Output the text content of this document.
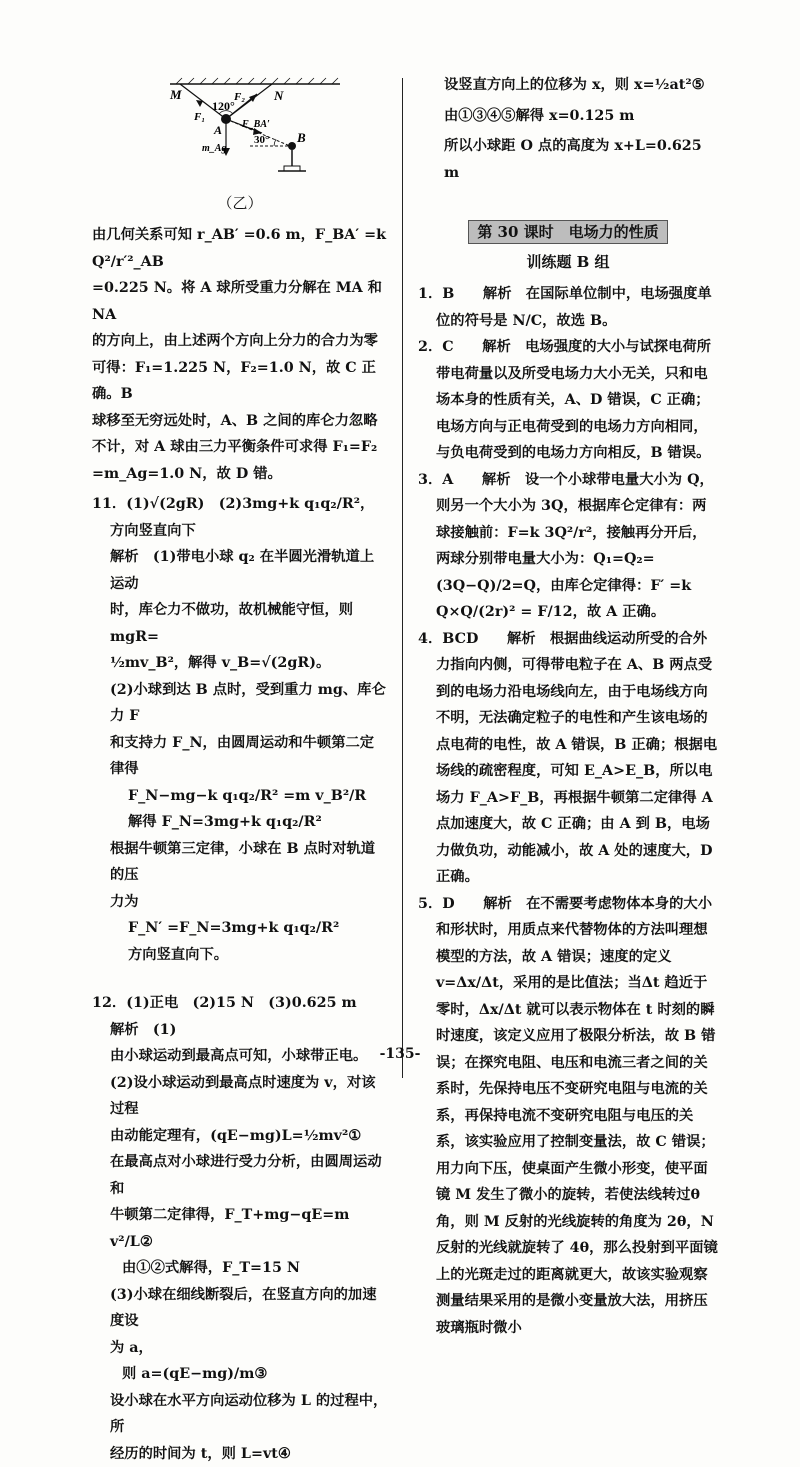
M	N
120°
F₂
F₁
A F_BA′
m_Ag
30° B
（乙）

由几何关系可知 r_AB′ =0.6 m，F_BA′ =k Q²/r′²_AB

=0.225 N。将 A 球所受重力分解在 MA 和 NA

的方向上，由上述两个方向上分力的合力为零

可得：F₁=1.225 N，F₂=1.0 N，故 C 正确。B

球移至无穷远处时，A、B 之间的库仑力忽略

不计，对 A 球由三力平衡条件可求得 F₁=F₂

=m_Ag=1.0 N，故 D 错。

11．(1)√(2gR)　(2)3mg+k q₁q₂/R²，方向竖直向下

解析　(1)带电小球 q₂ 在半圆光滑轨道上运动

时，库仑力不做功，故机械能守恒，则 mgR=

½mv_B²，解得 v_B=√(2gR)。

(2)小球到达 B 点时，受到重力 mg、库仑力 F

和支持力 F_N，由圆周运动和牛顿第二定律得

F_N−mg−k q₁q₂/R² =m v_B²/R

解得 F_N=3mg+k q₁q₂/R²

根据牛顿第三定律，小球在 B 点时对轨道的压

力为

F_N′ =F_N=3mg+k q₁q₂/R²

方向竖直向下。

12．(1)正电　(2)15 N　(3)0.625 m　　解析　(1)

由小球运动到最高点可知，小球带正电。

(2)设小球运动到最高点时速度为 v，对该过程

由动能定理有，(qE−mg)L=½mv²①

在最高点对小球进行受力分析，由圆周运动和

牛顿第二定律得，F_T+mg−qE=m v²/L②

由①②式解得，F_T=15 N

(3)小球在细线断裂后，在竖直方向的加速度设

为 a，

则 a=(qE−mg)/m③

设小球在水平方向运动位移为 L 的过程中，所

经历的时间为 t，则 L=vt④

设竖直方向上的位移为 x，则 x=½at²⑤

由①③④⑤解得 x=0.125 m

所以小球距 O 点的高度为 x+L=0.625 m

第 30 课时　电场力的性质
训练题 B 组

1．B　　解析　在国际单位制中，电场强度单位的符号是 N/C，故选 B。

2．C　　解析　电场强度的大小与试探电荷所带电荷量以及所受电场力大小无关，只和电场本身的性质有关，A、D 错误，C 正确；电场方向与正电荷受到的电场力方向相同，与负电荷受到的电场力方向相反，B 错误。

3．A　　解析　设一个小球带电量大小为 Q，则另一个大小为 3Q，根据库仑定律有：两球接触前：F=k 3Q²/r²，接触再分开后，两球分别带电量大小为：Q₁=Q₂=(3Q−Q)/2=Q，由库仑定律得：F′ =k Q×Q/(2r)² = F/12，故 A 正确。

4．BCD　　解析　根据曲线运动所受的合外力指向内侧，可得带电粒子在 A、B 两点受到的电场力沿电场线向左，由于电场线方向不明，无法确定粒子的电性和产生该电场的点电荷的电性，故 A 错误，B 正确；根据电场线的疏密程度，可知 E_A>E_B，所以电场力 F_A>F_B，再根据牛顿第二定律得 A 点加速度大，故 C 正确；由 A 到 B，电场力做负功，动能减小，故 A 处的速度大，D 正确。

5．D　　解析　在不需要考虑物体本身的大小和形状时，用质点来代替物体的方法叫理想模型的方法，故 A 错误；速度的定义 v=Δx/Δt，采用的是比值法；当Δt 趋近于零时，Δx/Δt 就可以表示物体在 t 时刻的瞬时速度，该定义应用了极限分析法，故 B 错误；在探究电阻、电压和电流三者之间的关系时，先保持电压不变研究电阻与电流的关系，再保持电流不变研究电阻与电压的关系，该实验应用了控制变量法，故 C 错误；用力向下压，使桌面产生微小形变，使平面镜 M 发生了微小的旋转，若使法线转过θ角，则 M 反射的光线旋转的角度为 2θ，N 反射的光线就旋转了 4θ，那么投射到平面镜上的光斑走过的距离就更大，故该实验观察测量结果采用的是微小变量放大法，用挤压玻璃瓶时微小

-135-
